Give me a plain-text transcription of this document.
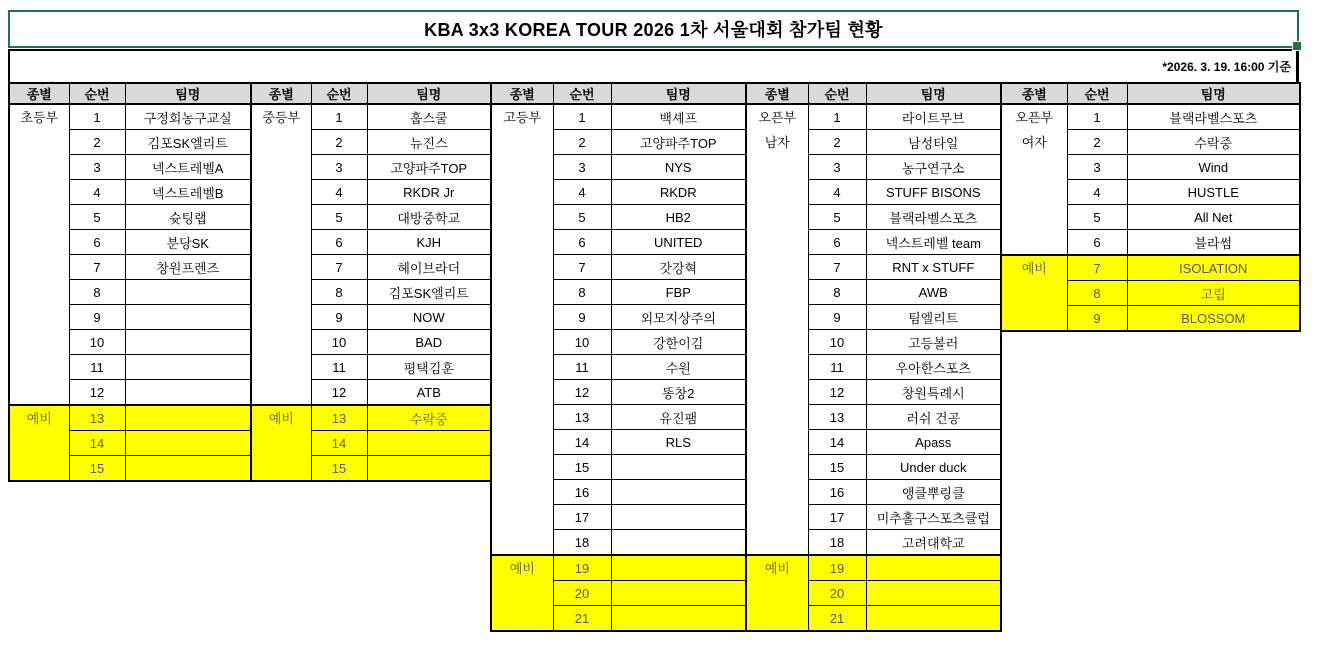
KBA 3x3 KOREA TOUR 2026 1차 서울대회 참가팀 현황
*2026. 3. 19. 16:00 기준
종별	순번	팀명

초등부	1	구정회농구교실
	2	김포SK엘리트
	3	넥스트레벨A
	4	넥스트레벨B
	5	슛팅랩
	6	분당SK
	7	창원프렌즈
	8	
	9	
	10	
	11	
	12	

예비	13	
	14	
	15	
종별	순번	팀명

중등부	1	훕스쿨
	2	뉴진스
	3	고양파주TOP
	4	RKDR Jr
	5	대방중학교
	6	KJH
	7	헤이브라더
	8	김포SK엘리트
	9	NOW
	10	BAD
	11	평택김훈
	12	ATB

예비	13	수락중
	14	
	15	
종별	순번	팀명

고등부	1	백셰프
	2	고양파주TOP
	3	NYS
	4	RKDR
	5	HB2
	6	UNITED
	7	갓강혁
	8	FBP
	9	외모지상주의
	10	강한이김
	11	수원
	12	똥창2
	13	유진팸
	14	RLS
	15	
	16	
	17	
	18	

예비	19	
	20	
	21	
종별	순번	팀명

오픈부
남자	1	라이트무브
	2	남성타일
	3	농구연구소
	4	STUFF BISONS
	5	블랙라벨스포츠
	6	넥스트레벨 team
	7	RNT x STUFF
	8	AWB
	9	팀엘리트
	10	고등볼러
	11	우아한스포츠
	12	창원특례시
	13	러쉬 건공
	14	Apass
	15	Under duck
	16	앵클뿌링클
	17	미추홀구스포츠클럽
	18	고려대학교

예비	19	
	20	
	21	
종별	순번	팀명

오픈부
여자	1	블랙라벨스포츠
	2	수락중
	3	Wind
	4	HUSTLE
	5	All Net
	6	블라썸

예비	7	ISOLATION
	8	고립
	9	BLOSSOM
